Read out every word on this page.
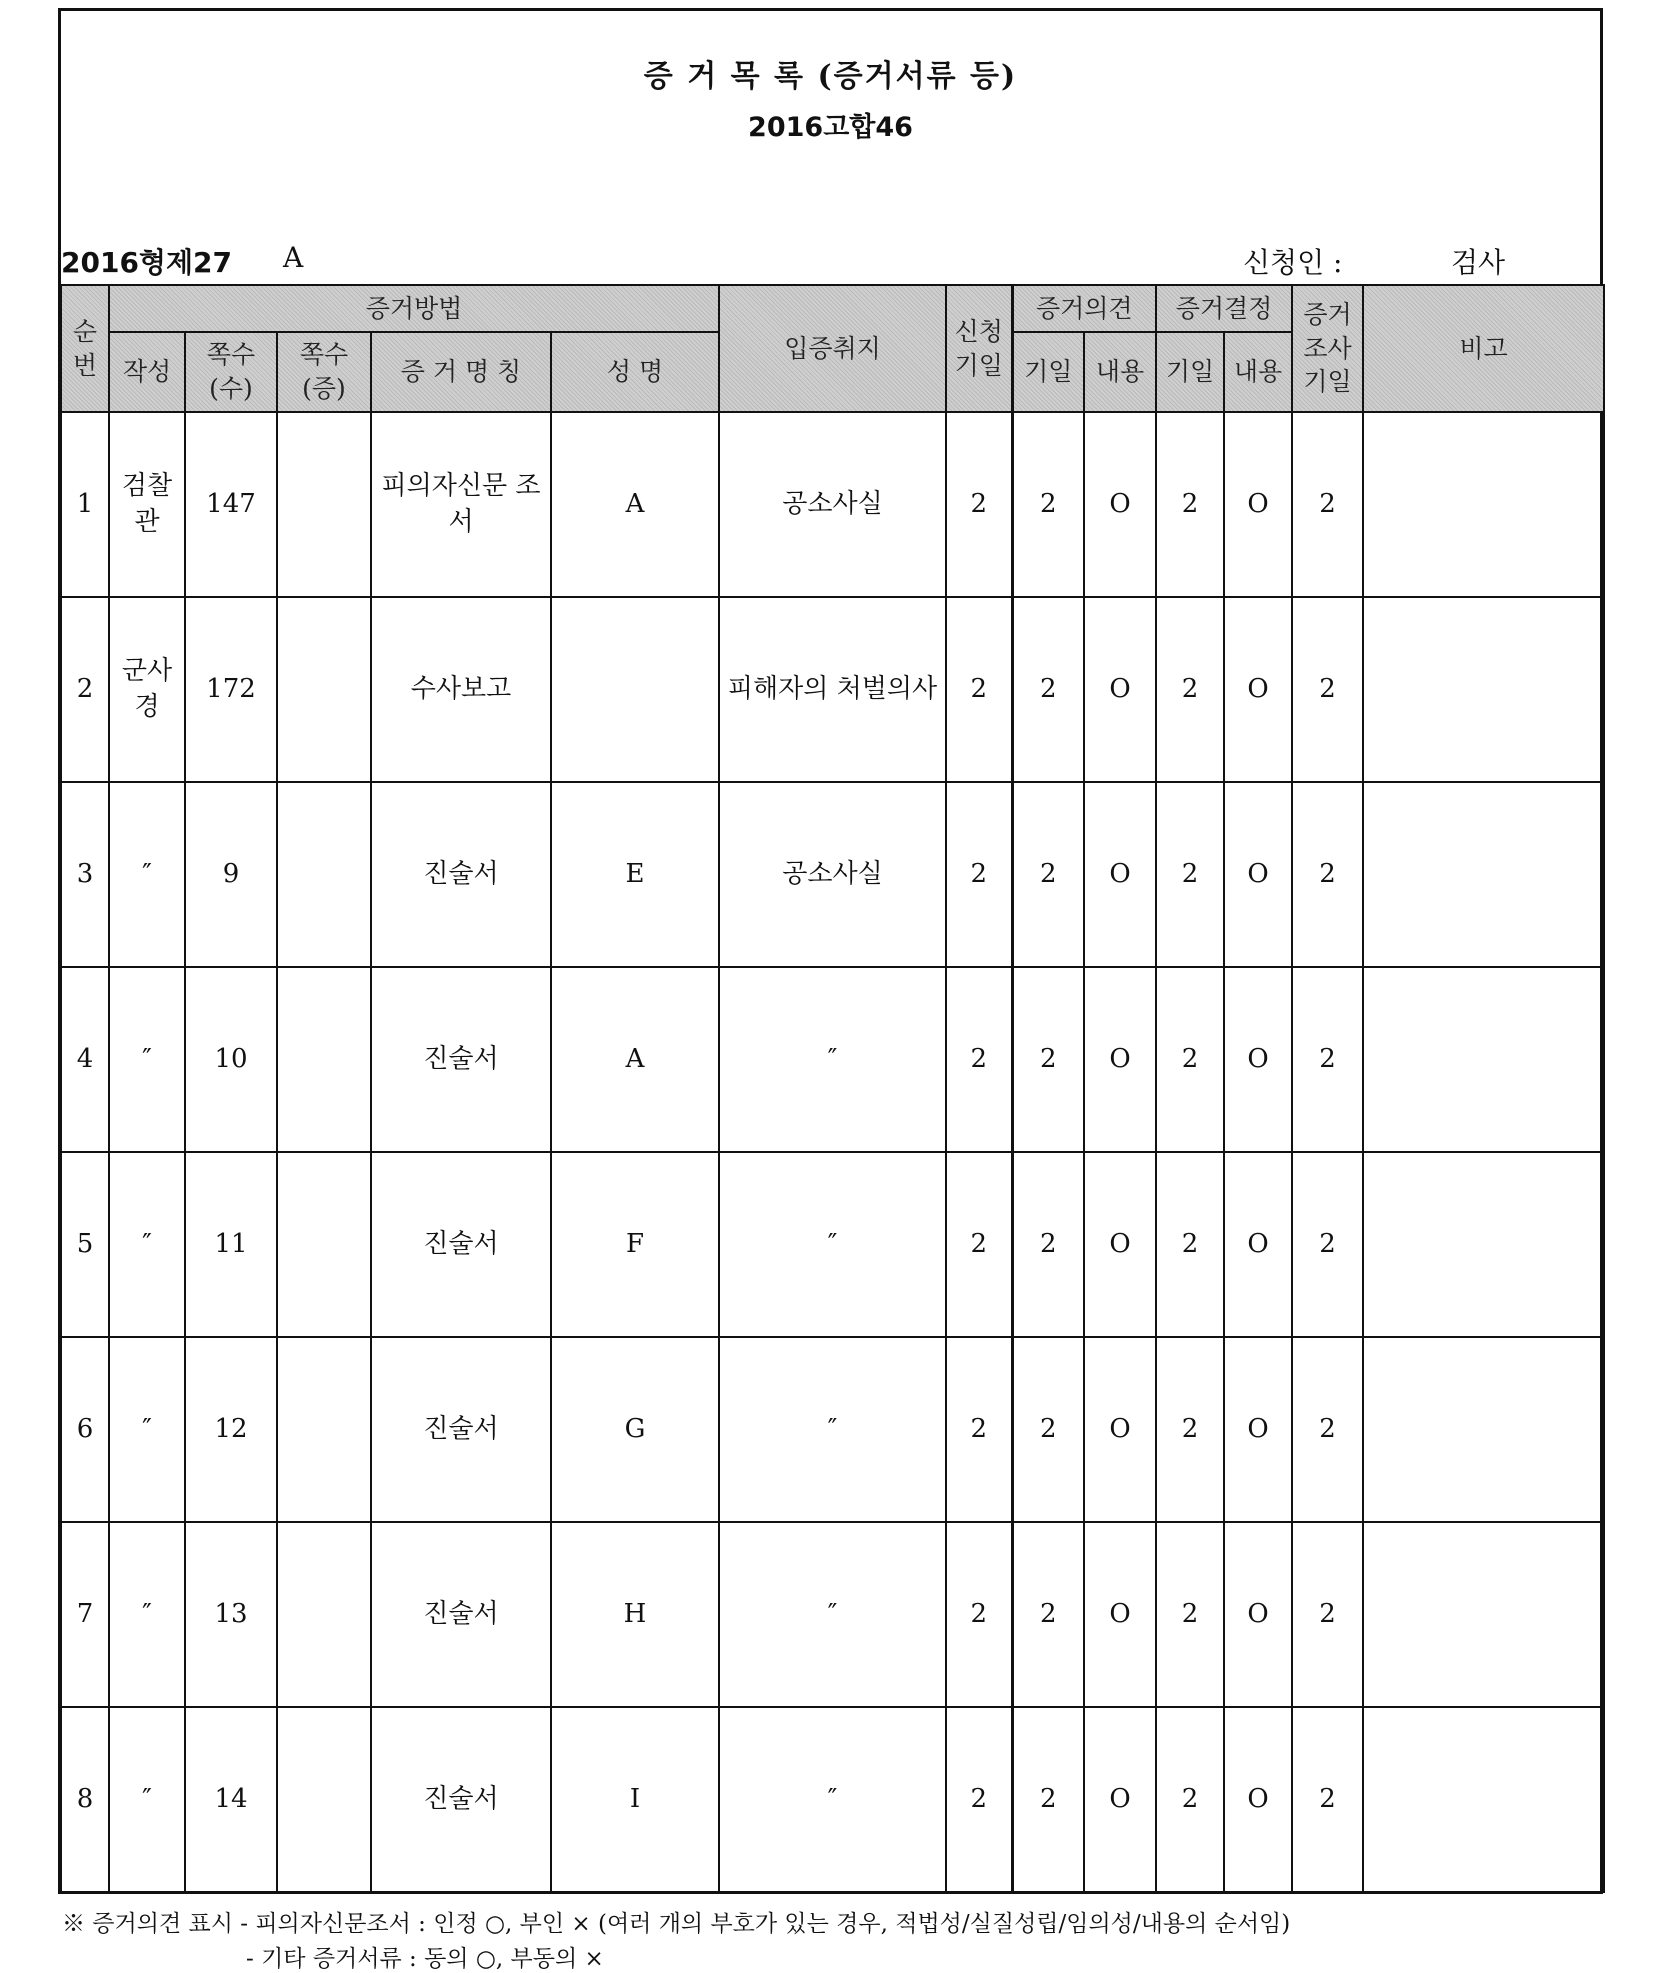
증 거 목 록 (증거서류 등)
2016고합46
2016형제27 A	신청인 :	검사
순번	증거방법					입증취지	신청 기일	증거의견		증거결정		증거 조사 기일	비고
	작성	쪽수 (수)	쪽수 (증)	증 거 명 칭	성 명			기일	내용	기일	내용		
1	검찰 관	147		피의자신문 조서	A	공소사실	2	2	O	2	O	2	
2	군사 경	172		수사보고		피해자의 처벌의사	2	2	O	2	O	2	
3	″	9		진술서	E	공소사실	2	2	O	2	O	2	
4	″	10		진술서	A	″	2	2	O	2	O	2	
5	″	11		진술서	F	″	2	2	O	2	O	2	
6	″	12		진술서	G	″	2	2	O	2	O	2	
7	″	13		진술서	H	″	2	2	O	2	O	2	
8	″	14		진술서	I	″	2	2	O	2	O	2	
※ 증거의견 표시 - 피의자신문조서 : 인정 ○, 부인 × (여러 개의 부호가 있는 경우, 적법성/실질성립/임의성/내용의 순서임)
- 기타 증거서류 : 동의 ○, 부동의 ×
